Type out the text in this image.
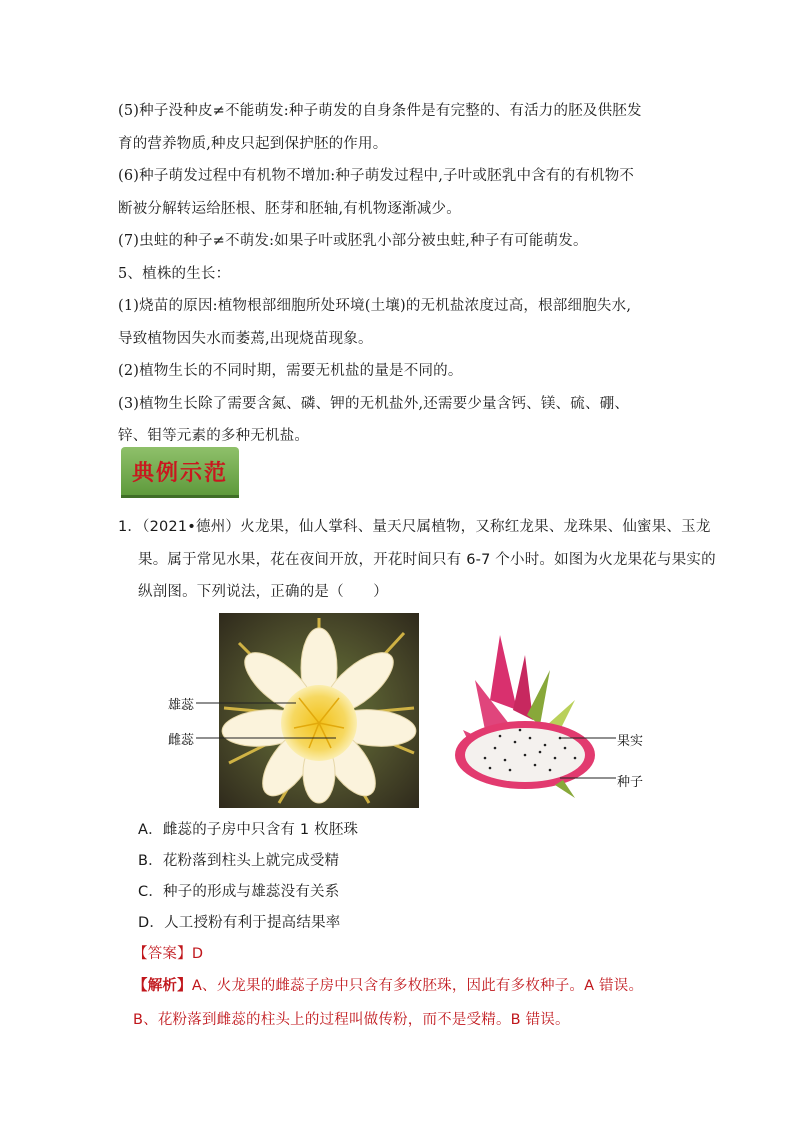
(5)种子没种皮≠不能萌发:种子萌发的自身条件是有完整的、有活力的胚及供胚发
育的营养物质,种皮只起到保护胚的作用。
(6)种子萌发过程中有机物不增加:种子萌发过程中,子叶或胚乳中含有的有机物不
断被分解转运给胚根、胚芽和胚轴,有机物逐渐减少。
(7)虫蛀的种子≠不萌发:如果子叶或胚乳小部分被虫蛀,种子有可能萌发。
5、植株的生长：
(1)烧苗的原因:植物根部细胞所处环境(土壤)的无机盐浓度过高，根部细胞失水,
导致植物因失水而萎蔫,出现烧苗现象。
(2)植物生长的不同时期，需要无机盐的量是不同的。
(3)植物生长除了需要含氮、磷、钾的无机盐外,还需要少量含钙、镁、硫、硼、
锌、钼等元素的多种无机盐。
典例示范
1．（2021•德州）火龙果，仙人掌科、量天尺属植物，又称红龙果、龙珠果、仙蜜果、玉龙
果。属于常见水果，花在夜间开放，开花时间只有 6-7 个小时。如图为火龙果花与果实的
纵剖图。下列说法，正确的是（　　）
雄蕊
雌蕊	果实
种子
A．雌蕊的子房中只含有 1 枚胚珠
B．花粉落到柱头上就完成受精
C．种子的形成与雄蕊没有关系
D．人工授粉有利于提高结果率
【答案】D
【解析】A、火龙果的雌蕊子房中只含有多枚胚珠，因此有多枚种子。A 错误。
B、花粉落到雌蕊的柱头上的过程叫做传粉，而不是受精。B 错误。
